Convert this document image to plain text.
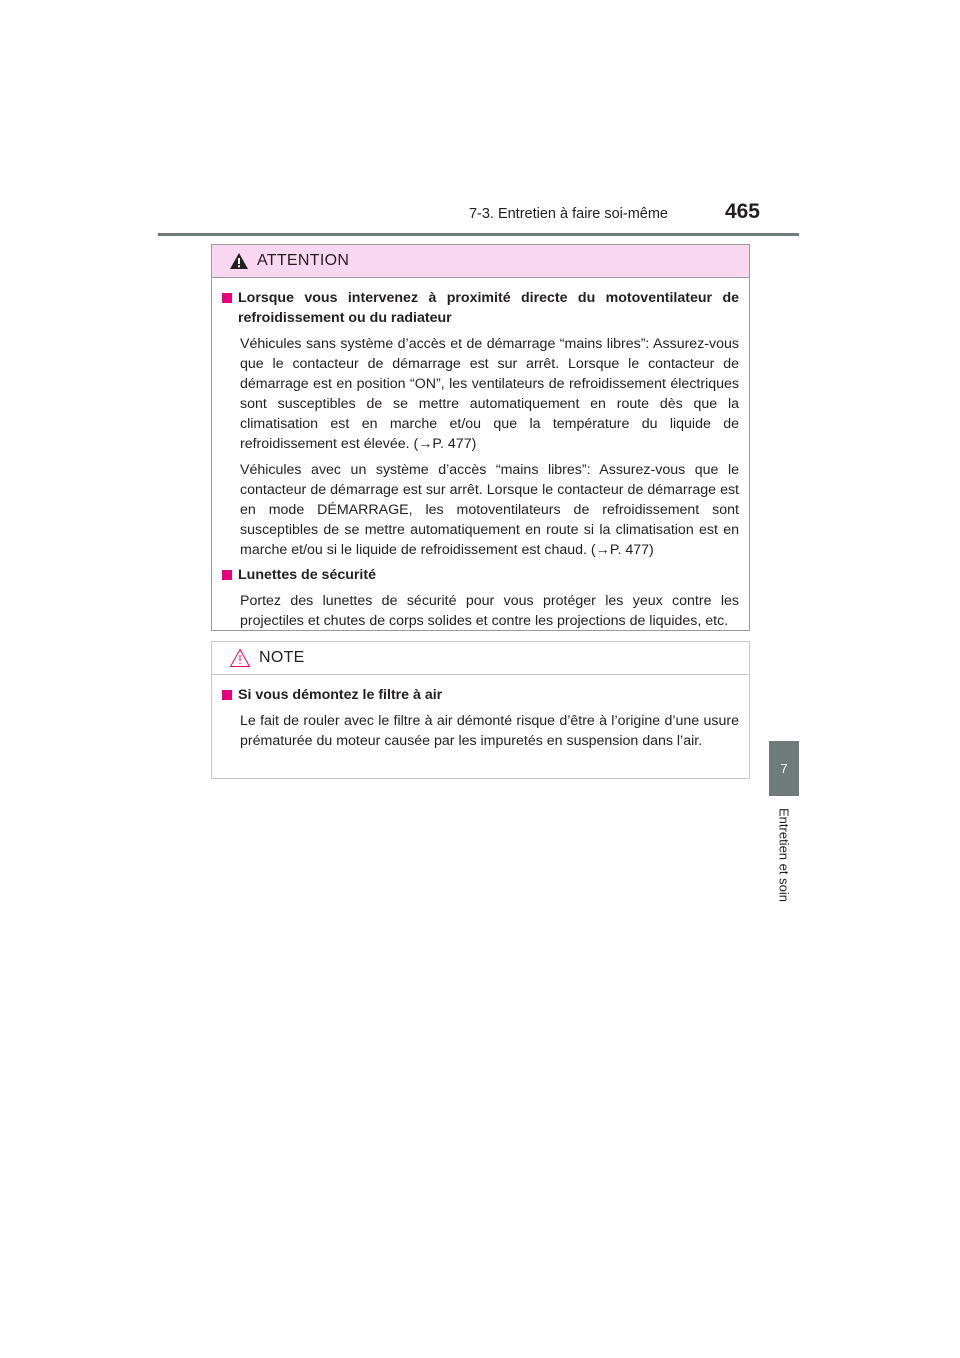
7-3. Entretien à faire soi-même	465
7
Entretien et soin
ATTENTION

Lorsque vous intervenez à proximité directe du motoventilateur de refroidissement ou du radiateur

Véhicules sans système d’accès et de démarrage “mains libres”: Assurez-vous que le contacteur de démarrage est sur arrêt. Lorsque le contacteur de démarrage est en position “ON”, les ventilateurs de refroidissement électriques sont susceptibles de se mettre automatiquement en route dès que la climatisation est en marche et/ou que la température du liquide de refroidissement est élevée. (→P. 477)

Véhicules avec un système d’accès “mains libres”: Assurez-vous que le contacteur de démarrage est sur arrêt. Lorsque le contacteur de démarrage est en mode DÉMARRAGE, les motoventilateurs de refroidissement sont susceptibles de se mettre automatiquement en route si la climatisation est en marche et/ou si le liquide de refroidissement est chaud. (→P. 477)

Lunettes de sécurité

Portez des lunettes de sécurité pour vous protéger les yeux contre les projectiles et chutes de corps solides et contre les projections de liquides, etc.

NOTE

Si vous démontez le filtre à air

Le fait de rouler avec le filtre à air démonté risque d’être à l’origine d’une usure prématurée du moteur causée par les impuretés en suspension dans l’air.
